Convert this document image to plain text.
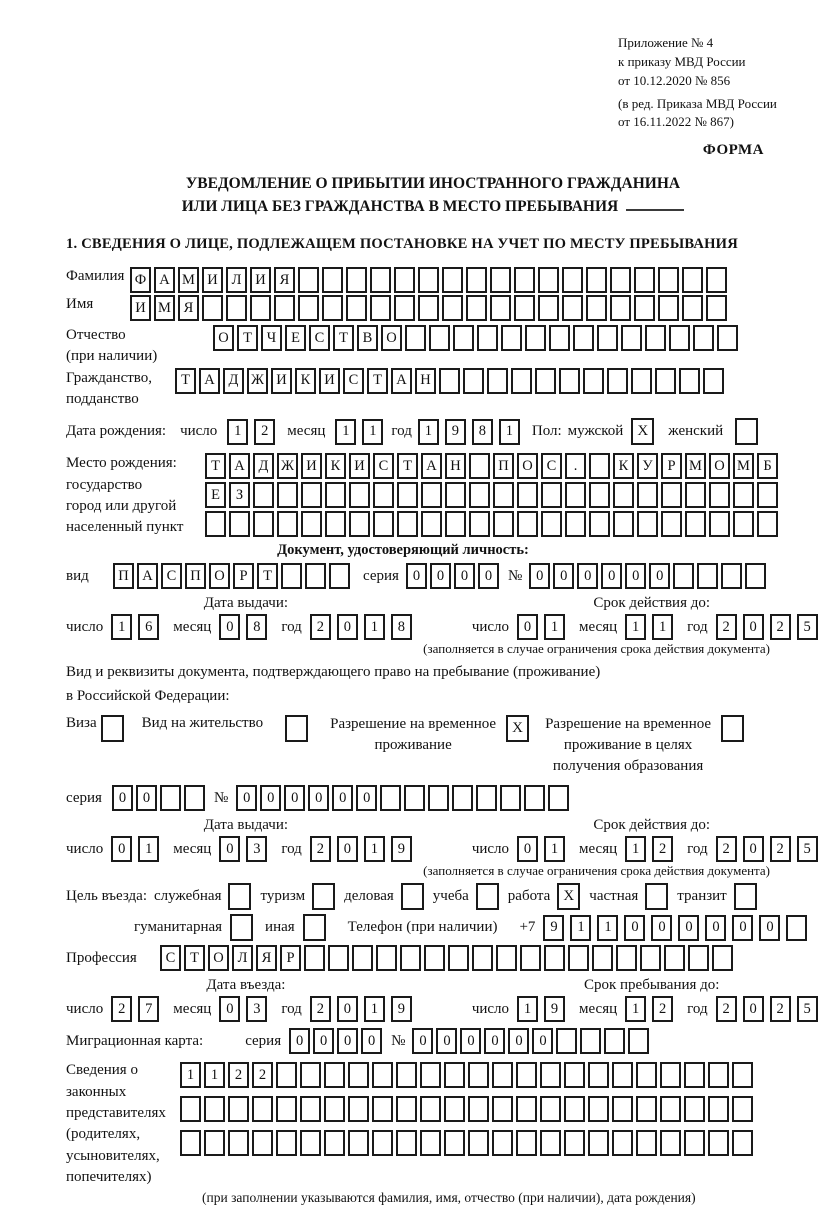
Приложение № 4
к приказу МВД России
от 10.12.2020 № 856
(в ред. Приказа МВД России
от 16.11.2022 № 867)
ФОРМА
УВЕДОМЛЕНИЕ О ПРИБЫТИИ ИНОСТРАННОГО ГРАЖДАНИНА
ИЛИ ЛИЦА БЕЗ ГРАЖДАНСТВА В МЕСТО ПРЕБЫВАНИЯ
1. СВЕДЕНИЯ О ЛИЦЕ, ПОДЛЕЖАЩЕМ ПОСТАНОВКЕ НА УЧЕТ ПО МЕСТУ ПРЕБЫВАНИЯ
Фамилия Ф А М И Л И Я
Имя	И М Я
Отчество
(при наличии)
О Т	Ч	Е	С	Т	В О
Гражданство,
подданство
Т А Д Ж И К И С	Т А Н
Дата рождения: число	1	2	месяц	1	1 год 1	9	8	1	Пол: мужской X	женский
Место рождения:
государство
город или другой
населенный пункт
Т А Д Ж И К И С	Т А Н	П О С	.	К У	Р М О М Б
Е	З
Документ, удостоверяющий личность:
вид	П А С П О	Р	Т	серия 0	0	0	0	№ 0	0	0	0	0	0
Дата выдачи:
число	1	6	месяц	0	8	год	2	0	1	8
Срок действия до:
число	0	1	месяц	1	1	год	2	0	2	5
(заполняется в случае ограничения срока действия документа)
Вид и реквизиты документа, подтверждающего право на пребывание (проживание)
в Российской Федерации:
Виза	Вид на жительство	Разрешение на временное
проживание
X	Разрешение на временное
проживание в целях
получения образования
серия	0	0	№	0	0	0	0	0	0
Дата выдачи:
число	0	1	месяц	0	3	год	2	0	1	9
Срок действия до:
число	0	1	месяц	1	2	год	2	0	2	5
(заполняется в случае ограничения срока действия документа)
Цель въезда: служебная	туризм	деловая	учеба	работа X	частная	транзит
гуманитарная	иная	Телефон (при наличии) +7	9	1	1	0	0	0	0	0	0
Профессия	С	Т О Л Я	Р
Дата въезда:
число	2	7	месяц	0	3	год	2	0	1	9
Срок пребывания до:
число	1	9	месяц	1	2	год	2	0	2	5
Миграционная карта:	серия	0	0	0	0	№ 0	0	0	0	0	0
Сведения о
законных
представителях
(родителях,
усыновителях,
попечителях)
1	1	2	2
(при заполнении указываются фамилия, имя, отчество (при наличии), дата рождения)
